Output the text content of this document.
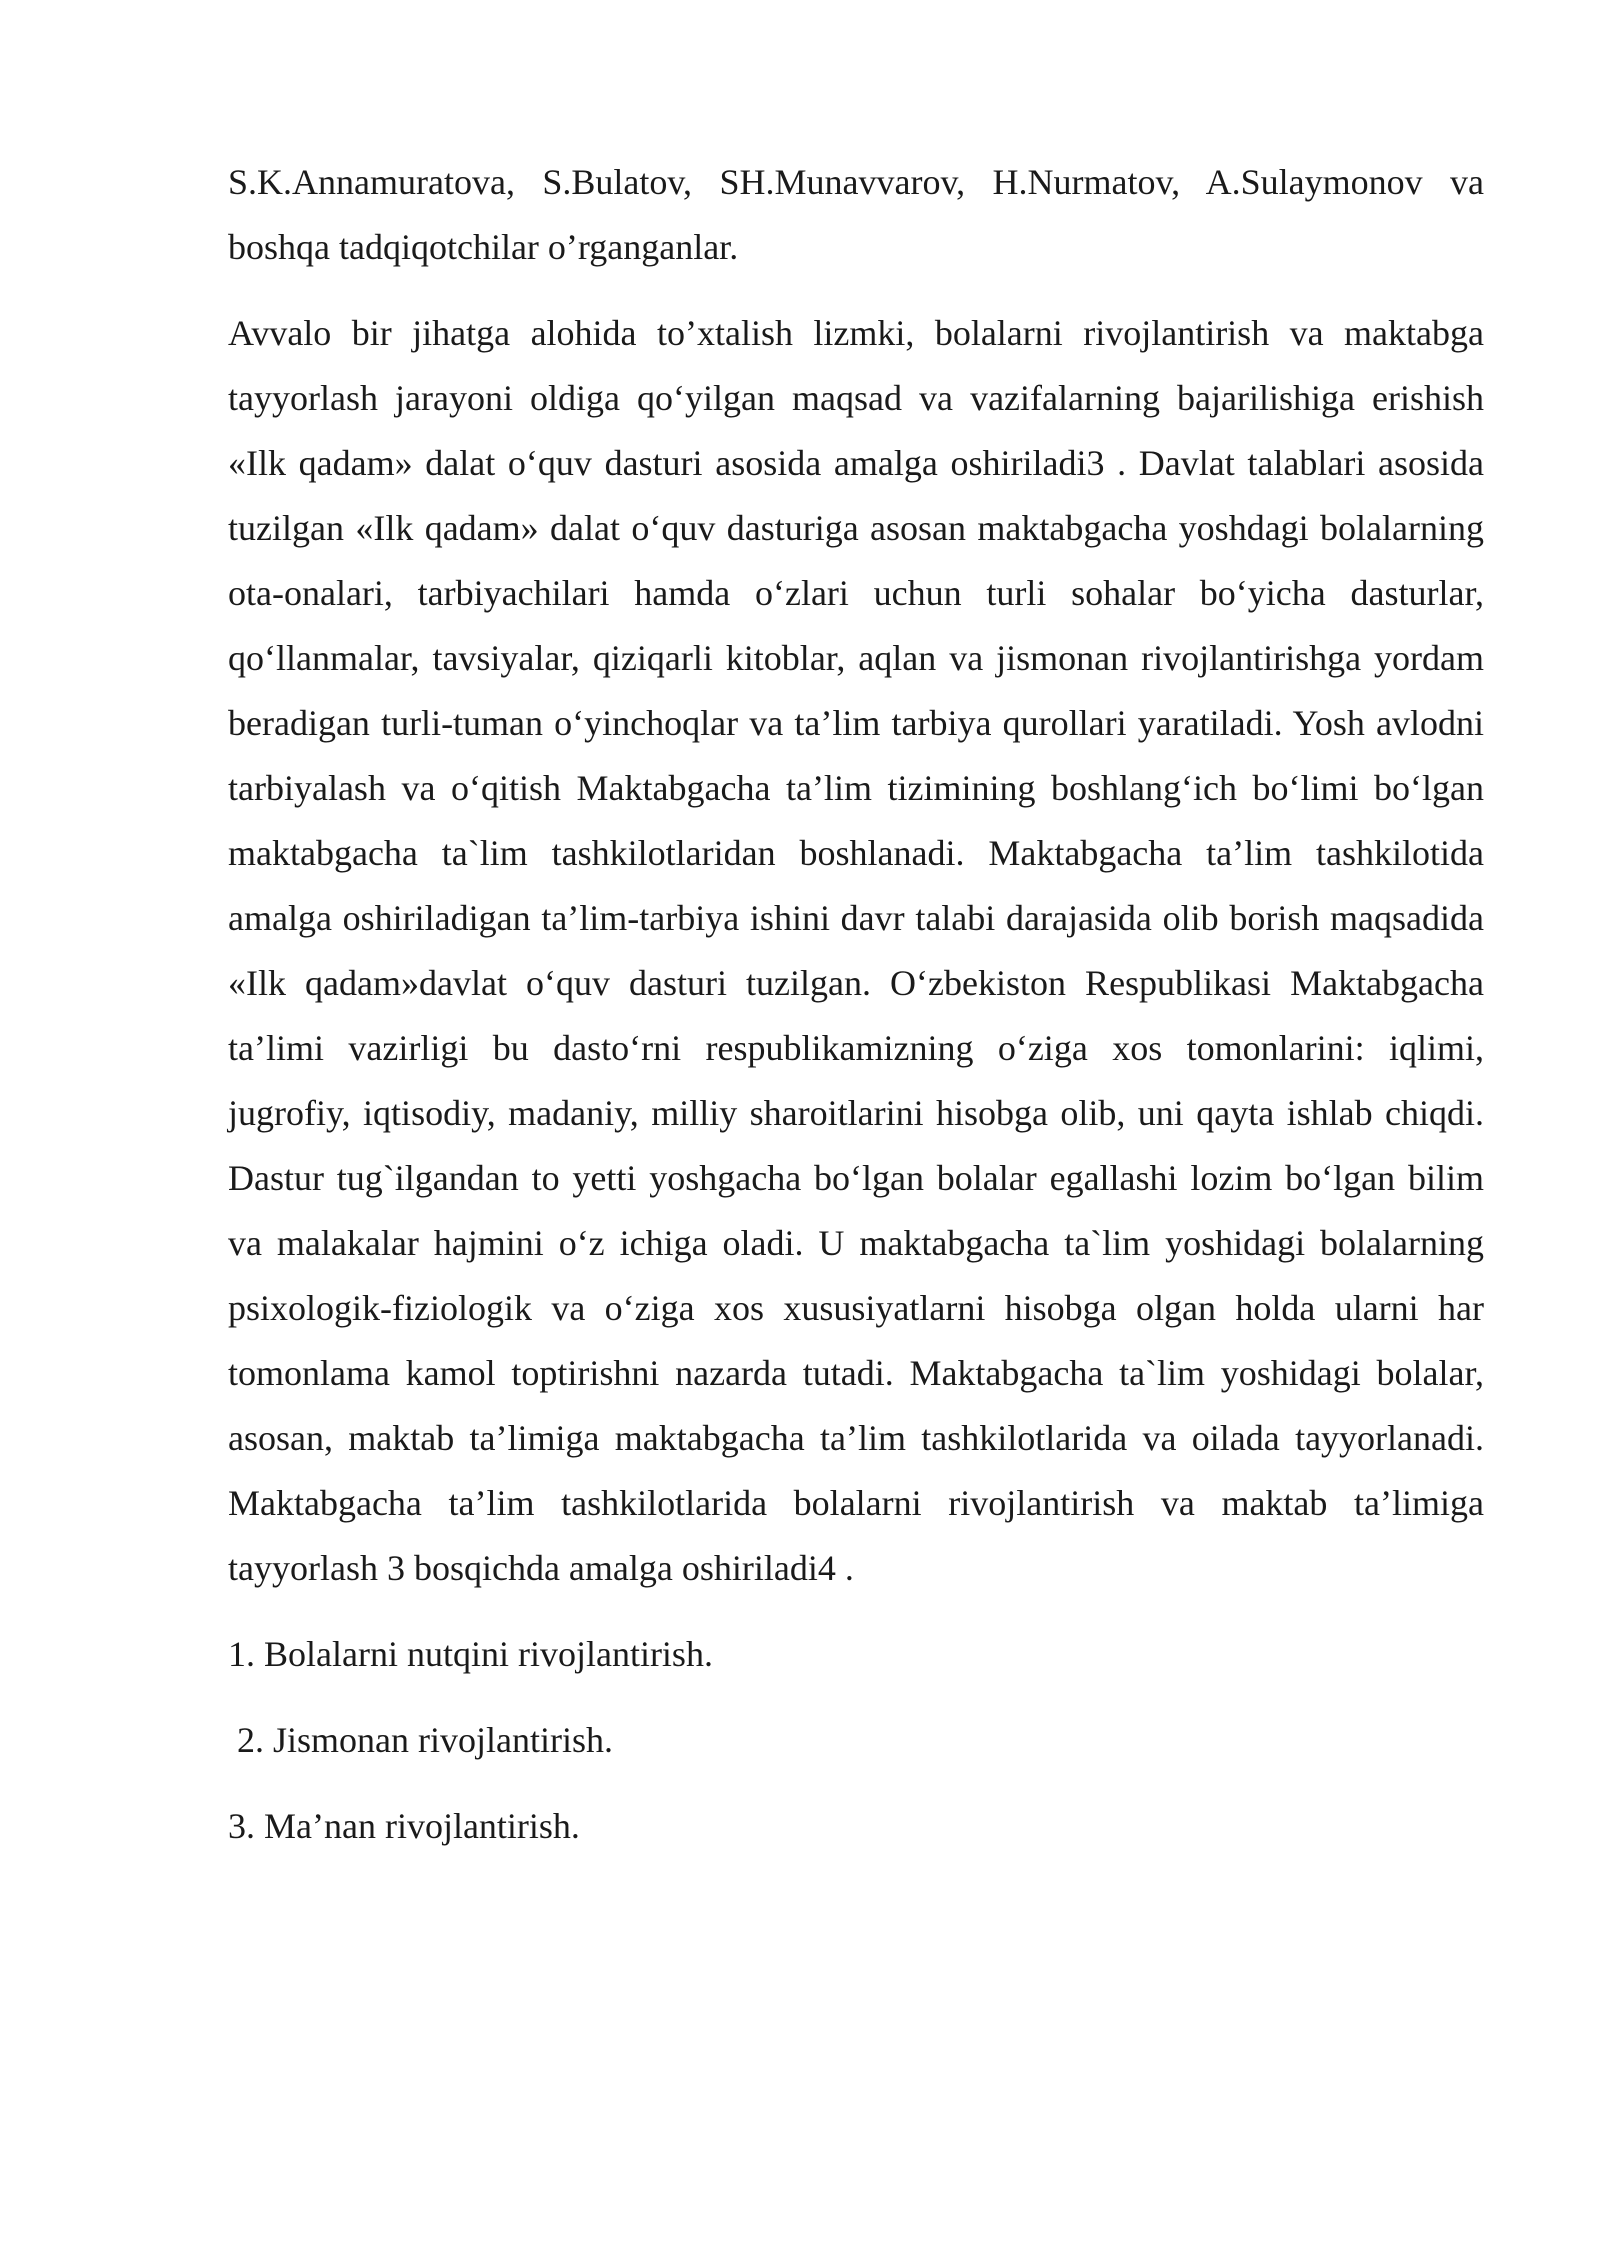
S.K.Annamuratova, S.Bulatov, SH.Munavvarov, H.Nurmatov, A.Sulaymonov va boshqa tadqiqotchilar o’rganganlar.

Avvalo bir jihatga alohida to’xtalish lizmki, bolalarni rivojlantirish va maktabga tayyorlash jarayoni oldiga qo‘yilgan maqsad va vazifalarning bajarilishiga erishish «Ilk qadam» dalat o‘quv dasturi asosida amalga oshiriladi3 . Davlat talablari asosida tuzilgan «Ilk qadam» dalat o‘quv dasturiga asosan maktabgacha yoshdagi bolalarning ota-onalari, tarbiyachilari hamda o‘zlari uchun turli sohalar bo‘yicha dasturlar, qo‘llanmalar, tavsiyalar, qiziqarli kitoblar, aqlan va jismonan rivojlantirishga yordam beradigan turli-tuman o‘yinchoqlar va ta’lim tarbiya qurollari yaratiladi. Yosh avlodni tarbiyalash va o‘qitish Maktabgacha ta’lim tizimining boshlang‘ich bo‘limi bo‘lgan maktabgacha ta`lim tashkilotlaridan boshlanadi. Maktabgacha ta’lim tashkilotida amalga oshiriladigan ta’lim-tarbiya ishini davr talabi darajasida olib borish maqsadida «Ilk qadam»davlat o‘quv dasturi tuzilgan. O‘zbekiston Respublikasi Maktabgacha ta’limi vazirligi bu dasto‘rni respublikamizning o‘ziga xos tomonlarini: iqlimi, jugrofiy, iqtisodiy, madaniy, milliy sharoitlarini hisobga olib, uni qayta ishlab chiqdi. Dastur tug`ilgandan to yetti yoshgacha bo‘lgan bolalar egallashi lozim bo‘lgan bilim va malakalar hajmini o‘z ichiga oladi. U maktabgacha ta`lim yoshidagi bolalarning psixologik-fiziologik va o‘ziga xos xususiyatlarni hisobga olgan holda ularni har tomonlama kamol toptirishni nazarda tutadi. Maktabgacha ta`lim yoshidagi bolalar, asosan, maktab ta’limiga maktabgacha ta’lim tashkilotlarida va oilada tayyorlanadi. Maktabgacha ta’lim tashkilotlarida bolalarni rivojlantirish va maktab ta’limiga tayyorlash 3 bosqichda amalga oshiriladi4 .

1. Bolalarni nutqini rivojlantirish.
2. Jismonan rivojlantirish.
3. Ma’nan rivojlantirish.
